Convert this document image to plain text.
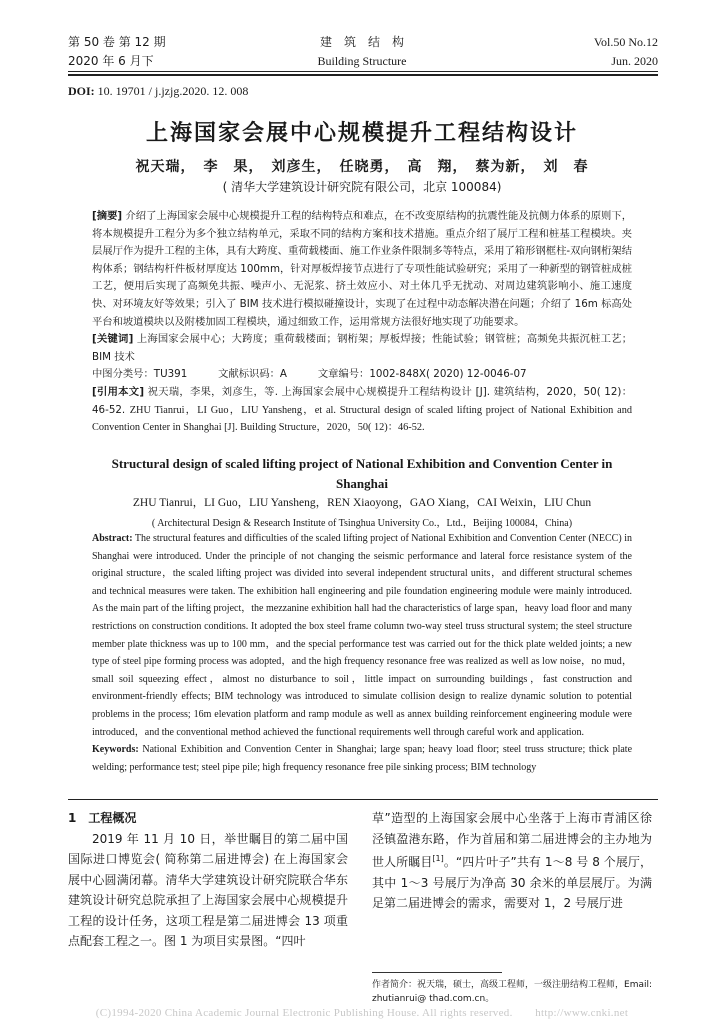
第 50 卷 第 12 期
2020 年 6 月下
建　筑　结　构
Building Structure
Vol.50 No.12
Jun. 2020
DOI: 10. 19701 / j.jzjg.2020. 12. 008
上海国家会展中心规模提升工程结构设计
祝天瑞，　李　果，　刘彦生，　任晓勇，　高　翔，　蔡为新，　刘　春
( 清华大学建筑设计研究院有限公司，北京 100084)
[摘要] 介绍了上海国家会展中心规模提升工程的结构特点和难点，在不改变原结构的抗震性能及抗侧力体系的原则下，将本规模提升工程分为多个独立结构单元，采取不同的结构方案和技术措施。重点介绍了展厅工程和桩基工程模块。夹层展厅作为提升工程的主体，具有大跨度、重荷载楼面、施工作业条件限制多等特点，采用了箱形钢框柱-双向钢桁架结构体系；钢结构杆件板材厚度达 100mm，针对厚板焊接节点进行了专项性能试验研究；采用了一种新型的钢管桩成桩工艺，便用后实现了高频免共振、噪声小、无泥浆、挤土效应小、对土体几乎无扰动、对周边建筑影响小、施工速度快、对环境友好等效果；引入了 BIM 技术进行模拟碰撞设计，实现了在过程中动态解决潜在问题；介绍了 16m 标高处平台和坡道模块以及附楼加固工程模块，通过细致工作，运用常规方法很好地实现了功能要求。
[关键词] 上海国家会展中心；大跨度；重荷载楼面；钢桁架；厚板焊接；性能试验；钢管桩；高频免共振沉桩工艺；BIM 技术
中图分类号：TU391　　　文献标识码：A　　　文章编号：1002-848X( 2020) 12-0046-07
[引用本文] 祝天瑞，李果，刘彦生，等. 上海国家会展中心规模提升工程结构设计 [J]. 建筑结构，2020，50( 12)：46-52. ZHU Tianrui，LI Guo，LIU Yansheng，et al. Structural design of scaled lifting project of National Exhibition and Convention Center in Shanghai [J]. Building Structure，2020，50( 12)：46-52.
Structural design of scaled lifting project of National Exhibition and Convention Center in Shanghai
ZHU Tianrui，LI Guo，LIU Yansheng，REN Xiaoyong，GAO Xiang，CAI Weixin，LIU Chun
( Architectural Design & Research Institute of Tsinghua University Co.，Ltd.，Beijing 100084，China)
Abstract: The structural features and difficulties of the scaled lifting project of National Exhibition and Convention Center (NECC) in Shanghai were introduced. Under the principle of not changing the seismic performance and lateral force resistance system of the original structure，the scaled lifting project was divided into several independent structural units，and different structural schemes and technical measures were taken. The exhibition hall engineering and pile foundation engineering module were mainly introduced. As the main part of the lifting project，the mezzanine exhibition hall had the characteristics of large span，heavy load floor and many restrictions on construction conditions. It adopted the box steel frame column two-way steel truss structural system; the steel structure member plate thickness was up to 100 mm，and the special performance test was carried out for the thick plate welded joints; a new type of steel pipe forming process was adopted，and the high frequency resonance free was realized as well as low noise，no mud，small soil squeezing effect，almost no disturbance to soil，little impact on surrounding buildings，fast construction and environment-friendly effects; BIM technology was introduced to simulate collision design to realize dynamic solution to potential problems in the process; 16m elevation platform and ramp module as well as annex building reinforcement engineering module were introduced，and the conventional method achieved the functional requirements well through careful work and application.
Keywords: National Exhibition and Convention Center in Shanghai; large span; heavy load floor; steel truss structure; thick plate welding; performance test; steel pipe pile; high frequency resonance free pile sinking process; BIM technology
1  工程概况
2019 年 11 月 10 日，举世瞩目的第二届中国国际进口博览会( 简称第二届进博会) 在上海国家会展中心圆满闭幕。清华大学建筑设计研究院联合华东建筑设计研究总院承担了上海国家会展中心规模提升工程的设计任务，这项工程是第二届进博会 13 项重点配套工程之一。图 1 为项目实景图。“四叶
草”造型的上海国家会展中心坐落于上海市青浦区徐泾镇盈港东路，作为首届和第二届进博会的主办地为世人所瞩目[1]。“四片叶子”共有 1～8 号 8 个展厅，其中 1～3 号展厅为净高 30 余米的单层展厅。为满足第二届进博会的需求，需要对 1，2 号展厅进
作者简介：祝天瑞，硕士，高级工程师，一级注册结构工程师，Email: zhutianrui@ thad.com.cn。
(C)1994-2020 China Academic Journal Electronic Publishing House. All rights reserved.　　http://www.cnki.net
